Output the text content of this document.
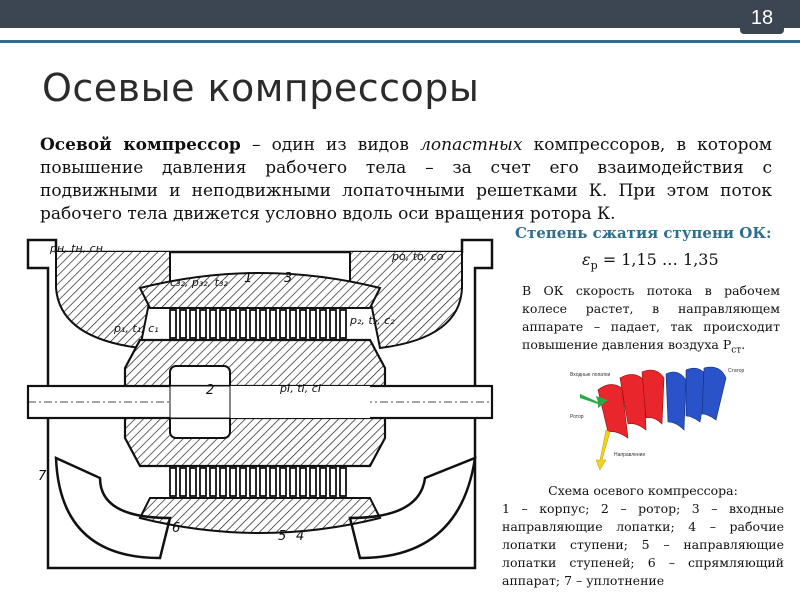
18
Осевые компрессоры

Осевой компрессор – один из видов лопастных компрессоров, в котором повышение давления рабочего тела – за счет его взаимодействия с подвижными и неподвижными лопаточными решетками К. При этом поток рабочего тела движется условно вдоль оси вращения ротора К.

pн, tн, cн
pо, tо, cо
c₃₂, p₃₂, t₃₂
pI, tI, cI
p₁, t₁, c₁
p₂, t₂, c₂
1
2
3
4
5
6
7
Степень сжатия ступени ОК:
$\varepsilon_р = 1,15$ … 1,35

В ОК скорость потока в рабочем колесе растет, в направляющем аппарате – падает, так происходит повышение давления воздуха $P_{ст}$.

Входные лопатки
Статор
Ротор
Направление

Схема осевого компрессора:
1 – корпус; 2 – ротор; 3 – входные направляющие лопатки; 4 – рабочие лопатки ступени; 5 – направляющие лопатки ступеней; 6 – спрямляющий аппарат; 7 – уплотнение
